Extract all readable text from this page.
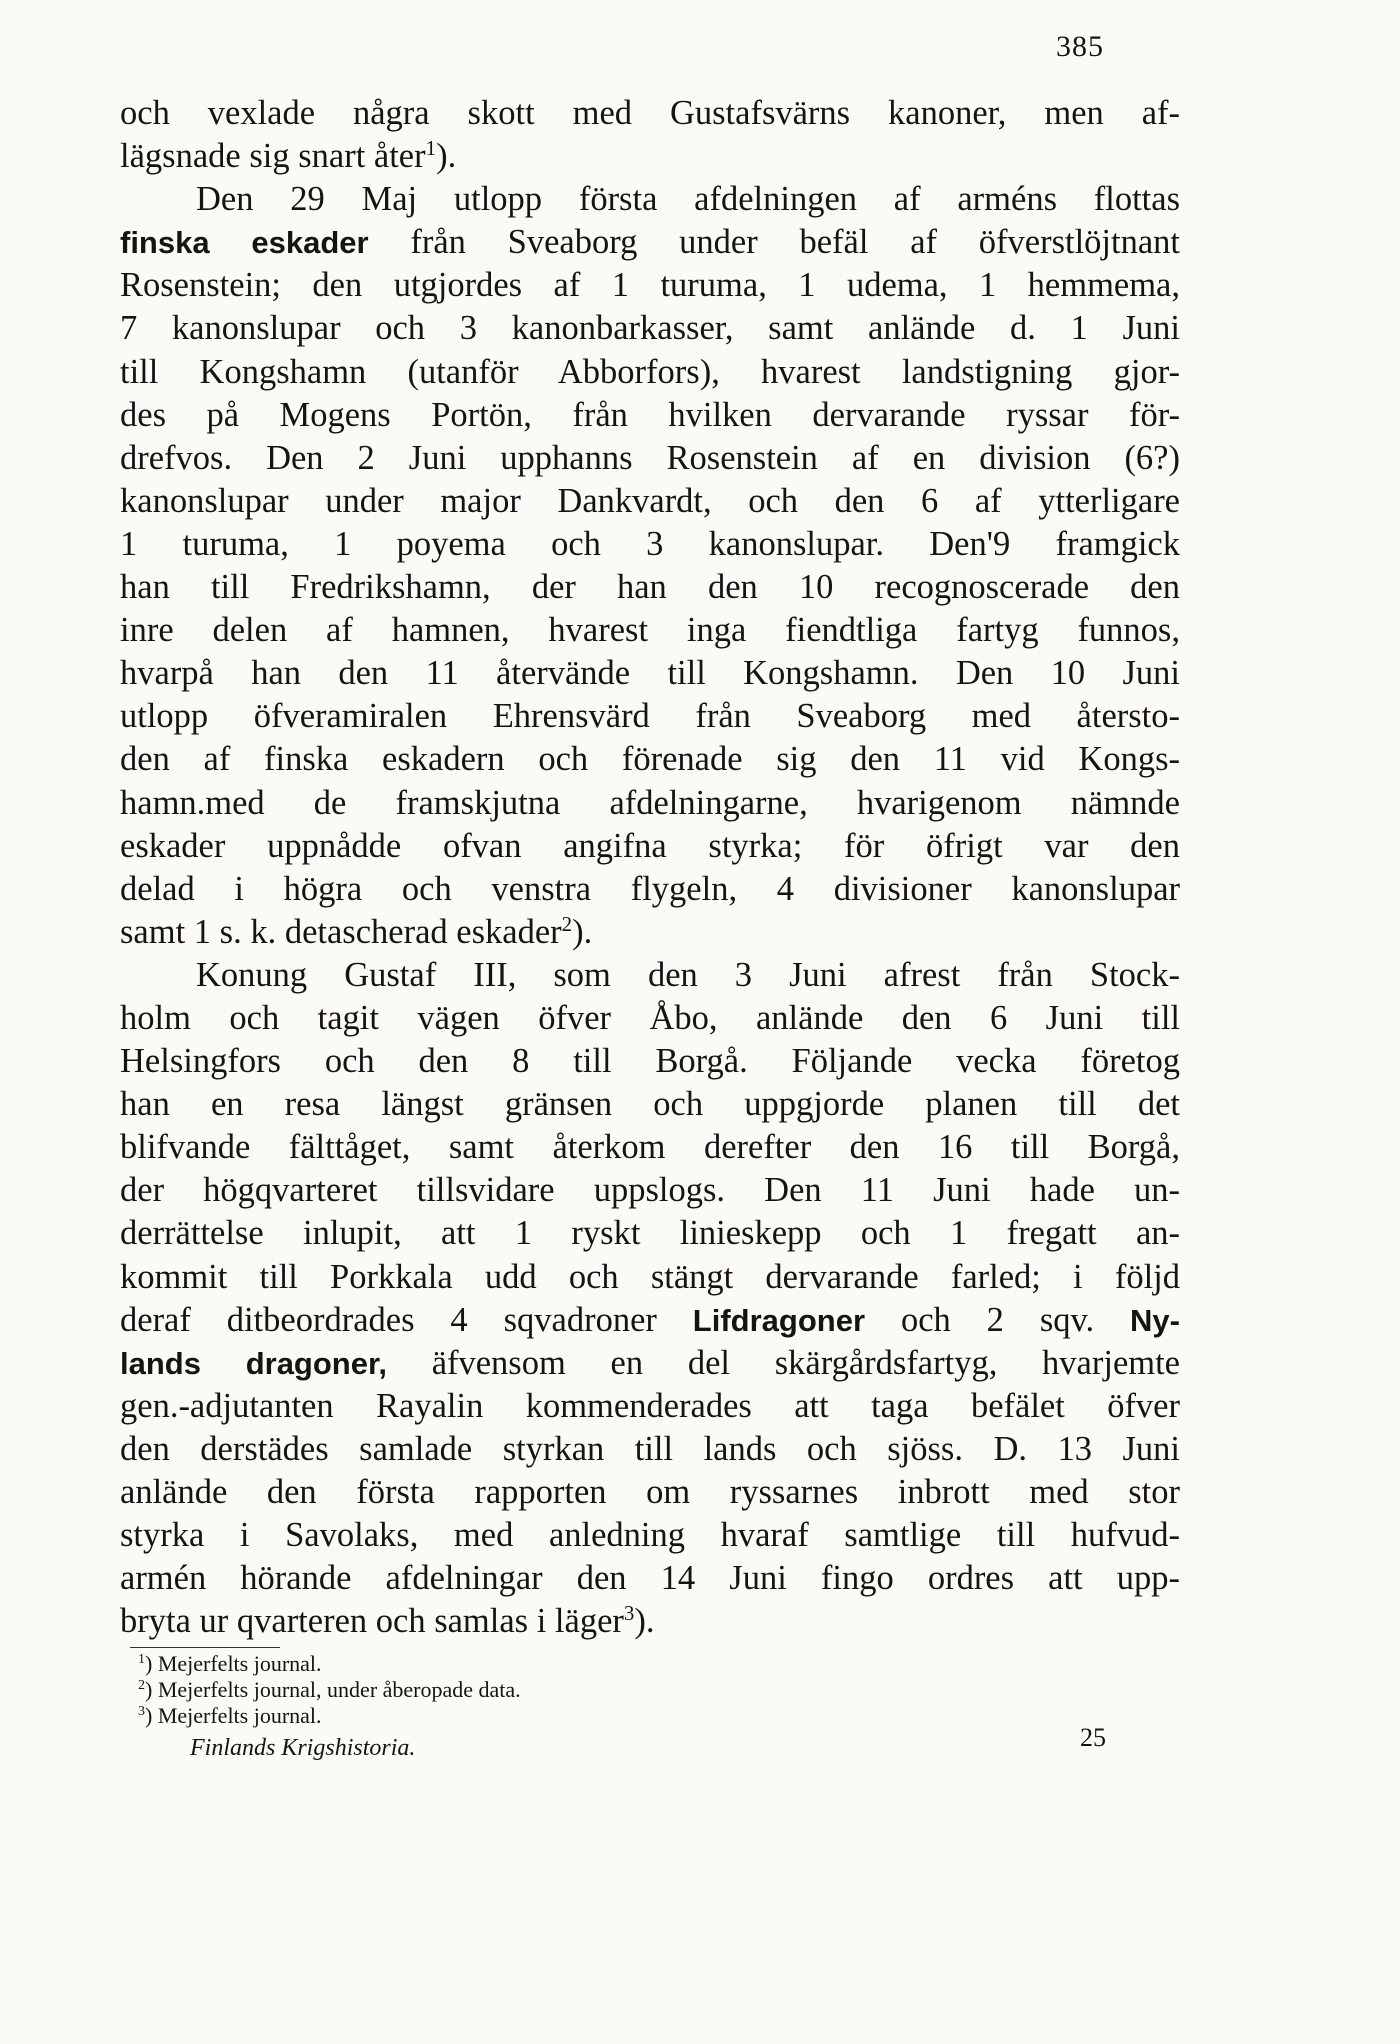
385
och vexlade några skott med Gustafsvärns kanoner, men af-
lägsnade sig snart åter$^1$).
Den 29 Maj utlopp första afdelningen af arméns flottas
finska eskader från Sveaborg under befäl af öfverstlöjtnant
Rosenstein; den utgjordes af 1 turuma, 1 udema, 1 hemmema,
7 kanonslupar och 3 kanonbarkasser, samt anlände d. 1 Juni
till Kongshamn (utanför Abborfors), hvarest landstigning gjor-
des på Mogens Portön, från hvilken dervarande ryssar för-
drefvos. Den 2 Juni upphanns Rosenstein af en division (6?)
kanonslupar under major Dankvardt, och den 6 af ytterligare
1 turuma, 1 poyema och 3 kanonslupar. Den'9 framgick
han till Fredrikshamn, der han den 10 recognoscerade den
inre delen af hamnen, hvarest inga fiendtliga fartyg funnos,
hvarpå han den 11 återvände till Kongshamn. Den 10 Juni
utlopp öfveramiralen Ehrensvärd från Sveaborg med återsto-
den af finska eskadern och förenade sig den 11 vid Kongs-
hamn.med de framskjutna afdelningarne, hvarigenom nämnde
eskader uppnådde ofvan angifna styrka; för öfrigt var den
delad i högra och venstra flygeln, 4 divisioner kanonslupar
samt 1 s. k. detascherad eskader$^2$).
Konung Gustaf III, som den 3 Juni afrest från Stock-
holm och tagit vägen öfver Åbo, anlände den 6 Juni till
Helsingfors och den 8 till Borgå. Följande vecka företog
han en resa längst gränsen och uppgjorde planen till det
blifvande fälttåget, samt återkom derefter den 16 till Borgå,
der högqvarteret tillsvidare uppslogs. Den 11 Juni hade un-
derrättelse inlupit, att 1 ryskt linieskepp och 1 fregatt an-
kommit till Porkkala udd och stängt dervarande farled; i följd
deraf ditbeordrades 4 sqvadroner Lifdragoner och 2 sqv. Ny-
lands dragoner, äfvensom en del skärgårdsfartyg, hvarjemte
gen.-adjutanten Rayalin kommenderades att taga befälet öfver
den derstädes samlade styrkan till lands och sjöss. D. 13 Juni
anlände den första rapporten om ryssarnes inbrott med stor
styrka i Savolaks, med anledning hvaraf samtlige till hufvud-
armén hörande afdelningar den 14 Juni fingo ordres att upp-
bryta ur qvarteren och samlas i läger$^3$).
$^1$) Mejerfelts journal.
$^2$) Mejerfelts journal, under åberopade data.
$^3$) Mejerfelts journal.
Finlands Krigshistoria.	25
